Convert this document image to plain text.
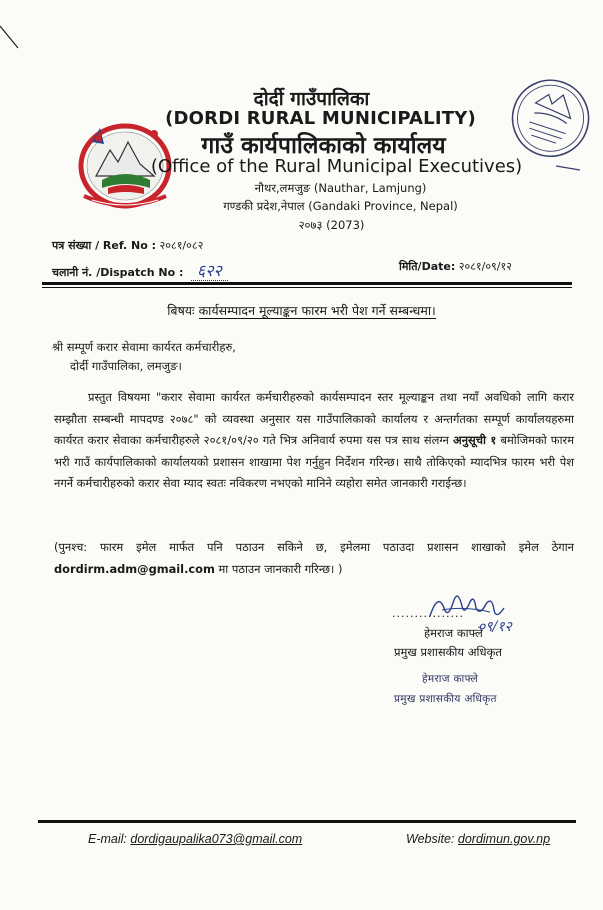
दोर्दी गाउँपालिका
(DORDI RURAL MUNICIPALITY)
गाउँ कार्यपालिकाको कार्यालय
(Office of the Rural Municipal Executives)
नौथर,लमजुङ (Nauthar, Lamjung)
गण्डकी प्रदेश,नेपाल (Gandaki Province, Nepal)
२०७३ (2073)
पत्र संख्या / Ref. No : २०८१/०८२
चलानी नं. /Dispatch No : ६२२	मिति/Date: २०८१/०९/१२
बिषयः कार्यसम्पादन मूल्याङ्कन फारम भरी पेश गर्ने सम्बन्धमा।
श्री सम्पूर्ण करार सेवामा कार्यरत कर्मचारीहरु,
दोर्दी गाउँपालिका, लमजुङ।
प्रस्तुत विषयमा "करार सेवामा कार्यरत कर्मचारीहरुको कार्यसम्पादन स्तर मूल्याङ्कन तथा नयाँ अवधिको लागि करार सम्झौता सम्बन्धी मापदण्ड २०७८" को व्यवस्था अनुसार यस गाउँपालिकाको कार्यालय र अन्तर्गतका सम्पूर्ण कार्यालयहरुमा कार्यरत करार सेवाका कर्मचारीहरुले २०८१/०९/२० गते भित्र अनिवार्य रुपमा यस पत्र साथ संलग्न अनुसूची १ बमोजिमको फारम भरी गाउँ कार्यपालिकाको कार्यालयको प्रशासन शाखामा पेश गर्नुहुन निर्देशन गरिन्छ। साथै तोकिएको म्यादभित्र फारम भरी पेश नगर्ने कर्मचारीहरुको करार सेवा म्याद स्वतः नविकरण नभएको मानिने व्यहोरा समेत जानकारी गराईन्छ।
(पुनश्च: फारम इमेल मार्फत पनि पठाउन सकिने छ, इमेलमा पठाउदा प्रशासन शाखाको इमेल ठेगान dordirm.adm@gmail.com मा पठाउन जानकारी गरिन्छ। )
................
हेमराज काफ्ले
०९/१२
प्रमुख प्रशासकीय अधिकृत
हेमराज काफ्ले
प्रमुख प्रशासकीय अधिकृत
E-mail: dordigaupalika073@gmail.com	Website: dordimun.gov.np
